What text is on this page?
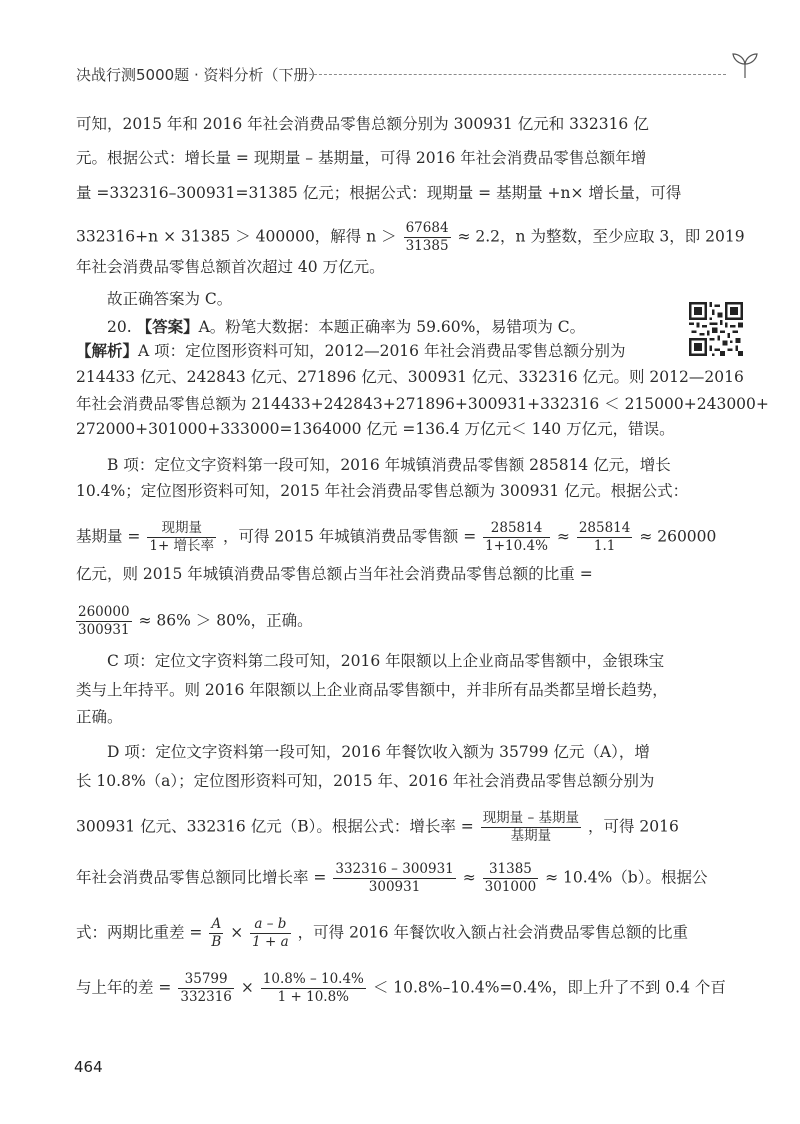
决战行测5000题 · 资料分析（下册）
可知，2015 年和 2016 年社会消费品零售总额分别为 300931 亿元和 332316 亿
元。根据公式：增长量 = 现期量 – 基期量，可得 2016 年社会消费品零售总额年增
量 =332316–300931=31385 亿元；根据公式：现期量 = 基期量 +n× 增长量，可得
332316+n × 31385 ＞ 400000，解得 $n > \frac{67684}{31385} \approx 2.2$，n 为整数，至少应取 3，即 2019
年社会消费品零售总额首次超过 40 万亿元。
故正确答案为 C。
20. 【答案】A。粉笔大数据：本题正确率为 59.60%，易错项为 C。
【解析】A 项：定位图形资料可知，2012—2016 年社会消费品零售总额分别为
214433 亿元、242843 亿元、271896 亿元、300931 亿元、332316 亿元。则 2012—2016
年社会消费品零售总额为 214433+242843+271896+300931+332316 ＜ 215000+243000+
272000+301000+333000=1364000 亿元 =136.4 万亿元＜ 140 万亿元，错误。
B 项：定位文字资料第一段可知，2016 年城镇消费品零售额 285814 亿元，增长
10.4%；定位图形资料可知，2015 年社会消费品零售总额为 300931 亿元。根据公式：
基期量 = $\frac{\text{现期量}}{\text{1+ 增长率}}$ ，可得 2015 年城镇消费品零售额 = $\frac{285814}{1+10.4\%} \approx \frac{285814}{1.1} \approx 260000$
亿元，则 2015 年城镇消费品零售总额占当年社会消费品零售总额的比重 =
$\frac{260000}{300931} \approx 86\% > 80\%$，正确。
C 项：定位文字资料第二段可知，2016 年限额以上企业商品零售额中，金银珠宝
类与上年持平。则 2016 年限额以上企业商品零售额中，并非所有品类都呈增长趋势，
正确。
D 项：定位文字资料第一段可知，2016 年餐饮收入额为 35799 亿元（A），增
长 10.8%（a）；定位图形资料可知，2015 年、2016 年社会消费品零售总额分别为
300931 亿元、332316 亿元（B）。根据公式：增长率 = $\frac{\text{现期量 – 基期量}}{\text{基期量}}$ ，可得 2016
年社会消费品零售总额同比增长率 = $\frac{332316 - 300931}{300931} \approx \frac{31385}{301000} \approx 10.4\%(b)$。根据公
式：两期比重差 = $\frac{A}{B} \times \frac{a - b}{1 + a}$ ，可得 2016 年餐饮收入额占社会消费品零售总额的比重
与上年的差 = $\frac{35799}{332316} \times \frac{10.8\% - 10.4\%}{1 + 10.8\%} < 10.8\%-10.4\%=0.4\%$，即上升了不到 0.4 个百
464
